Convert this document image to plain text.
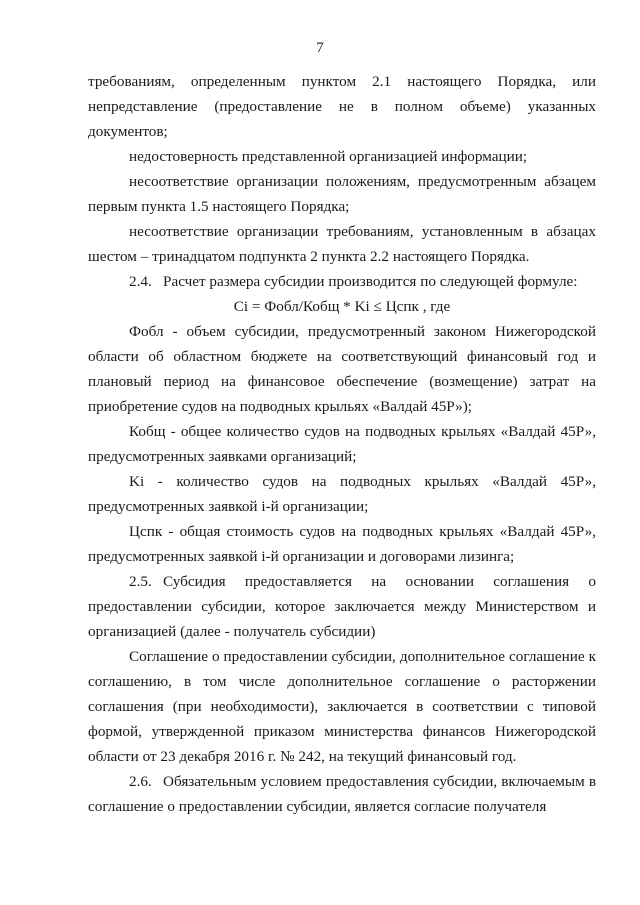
7

требованиям, определенным пунктом 2.1 настоящего Порядка, или непредставление (предоставление не в полном объеме) указанных документов;

недостоверность представленной организацией информации;

несоответствие организации положениям, предусмотренным абзацем первым пункта 1.5 настоящего Порядка;

несоответствие организации требованиям, установленным в абзацах шестом – тринадцатом подпункта 2 пункта 2.2 настоящего Порядка.

2.4. Расчет размера субсидии производится по следующей формуле:

Ci = Фобл/Кобщ * Ki ≤ Цспк , где

Фобл - объем субсидии, предусмотренный законом Нижегородской области об областном бюджете на соответствующий финансовый год и плановый период на финансовое обеспечение (возмещение) затрат на приобретение судов на подводных крыльях «Валдай 45Р»);

Кобщ - общее количество судов на подводных крыльях «Валдай 45Р», предусмотренных заявками организаций;

Ki - количество судов на подводных крыльях «Валдай 45Р», предусмотренных заявкой i-й организации;

Цспк - общая стоимость судов на подводных крыльях «Валдай 45Р», предусмотренных заявкой i-й организации и договорами лизинга;

2.5. Субсидия предоставляется на основании соглашения о предоставлении субсидии, которое заключается между Министерством и организацией (далее - получатель субсидии)

Соглашение о предоставлении субсидии, дополнительное соглашение к соглашению, в том числе дополнительное соглашение о расторжении соглашения (при необходимости), заключается в соответствии с типовой формой, утвержденной приказом министерства финансов Нижегородской области от 23 декабря 2016 г. № 242, на текущий финансовый год.

2.6. Обязательным условием предоставления субсидии, включаемым в соглашение о предоставлении субсидии, является согласие получателя
